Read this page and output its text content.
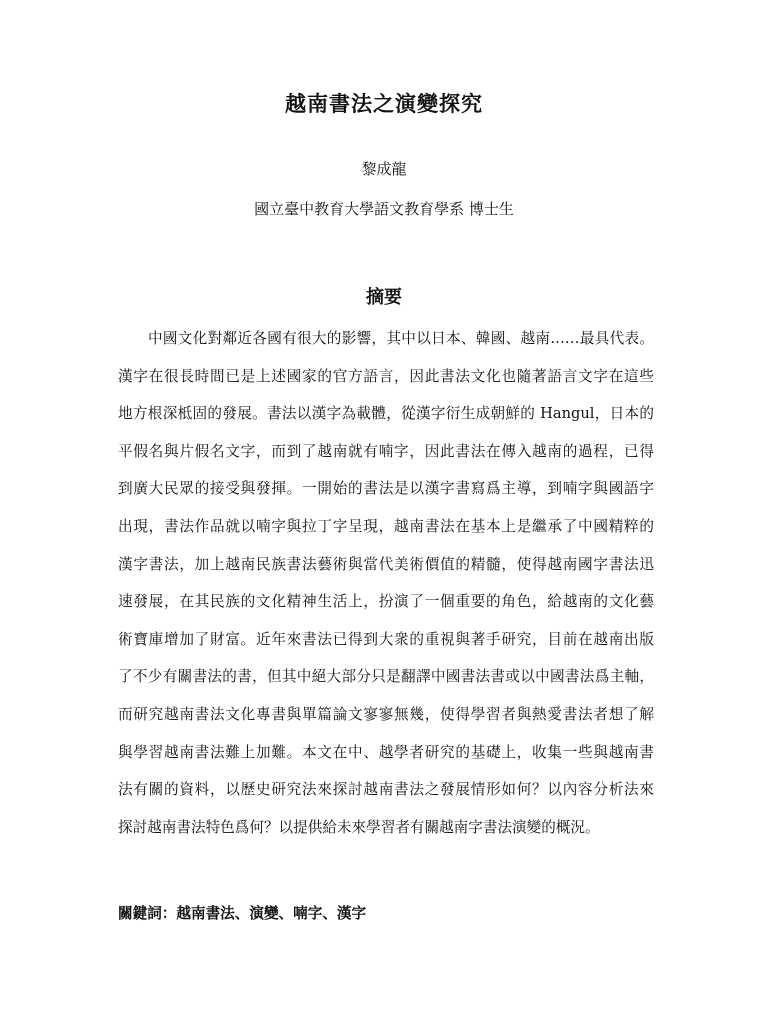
越南書法之演變探究
黎成龍
國立臺中教育大學語文教育學系 博士生
摘要
中國文化對鄰近各國有很大的影響，其中以日本、韓國、越南……最具代表。
漢字在很長時間已是上述國家的官方語言，因此書法文化也隨著語言文字在這些
地方根深柢固的發展。書法以漢字為載體，從漢字衍生成朝鮮的 Hangul，日本的
平假名與片假名文字，而到了越南就有喃字，因此書法在傳入越南的過程，已得
到廣大民眾的接受與發揮。一開始的書法是以漢字書寫爲主導，到喃字與國語字
出現，書法作品就以喃字與拉丁字呈現，越南書法在基本上是繼承了中國精粹的
漢字書法，加上越南民族書法藝術與當代美術價值的精髓，使得越南國字書法迅
速發展，在其民族的文化精神生活上，扮演了一個重要的角色，給越南的文化藝
術寶庫增加了財富。近年來書法已得到大衆的重視與著手研究，目前在越南出版
了不少有關書法的書，但其中絕大部分只是翻譯中國書法書或以中國書法爲主軸，
而研究越南書法文化專書與單篇論文寥寥無幾，使得學習者與熱愛書法者想了解
與學習越南書法難上加難。本文在中、越學者研究的基礎上，收集一些與越南書
法有關的資料，以歷史研究法來探討越南書法之發展情形如何？以內容分析法來
探討越南書法特色爲何？以提供給未來學習者有關越南字書法演變的概況。
關鍵詞：越南書法、演變、喃字、漢字
